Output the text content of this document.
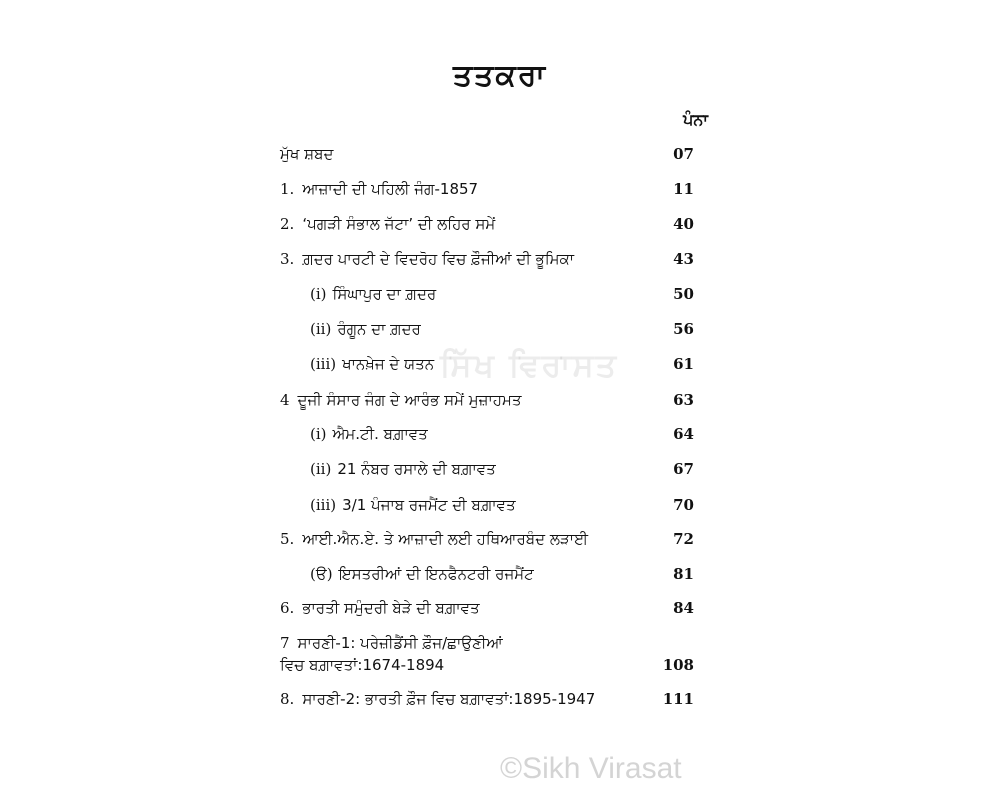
ਤਤਕਰਾ
ਪੰਨਾ
ਮੁੱਖ ਸ਼ਬਦ	07
1. ਆਜ਼ਾਦੀ ਦੀ ਪਹਿਲੀ ਜੰਗ-1857	11
2. ‘ਪਗੜੀ ਸੰਭਾਲ ਜੱਟਾ’ ਦੀ ਲਹਿਰ ਸਮੇਂ	40
3. ਗ਼ਦਰ ਪਾਰਟੀ ਦੇ ਵਿਦਰੋਹ ਵਿਚ ਫ਼ੌਜੀਆਂ ਦੀ ਭੂਮਿਕਾ	43
(i) ਸਿੰਘਾਪੁਰ ਦਾ ਗ਼ਦਰ	50
(ii) ਰੰਗੂਨ ਦਾ ਗ਼ਦਰ	56
(iii) ਖਾਨਖ਼ੇਜ ਦੇ ਯਤਨ	61
4 ਦੂਜੀ ਸੰਸਾਰ ਜੰਗ ਦੇ ਆਰੰਭ ਸਮੇਂ ਮੁਜ਼ਾਹਮਤ	63
(i) ਐਮ.ਟੀ. ਬਗ਼ਾਵਤ	64
(ii) 21 ਨੰਬਰ ਰਸਾਲੇ ਦੀ ਬਗ਼ਾਵਤ	67
(iii) 3/1 ਪੰਜਾਬ ਰਜਮੈਂਟ ਦੀ ਬਗ਼ਾਵਤ	70
5. ਆਈ.ਐਨ.ਏ. ਤੇ ਆਜ਼ਾਦੀ ਲਈ ਹਥਿਆਰਬੰਦ ਲੜਾਈ	72
(ੳ) ਇਸਤਰੀਆਂ ਦੀ ਇਨਫੈਨਟਰੀ ਰਜਮੈਂਟ	81
6. ਭਾਰਤੀ ਸਮੁੰਦਰੀ ਬੇੜੇ ਦੀ ਬਗ਼ਾਵਤ	84
7 ਸਾਰਣੀ-1: ਪਰੇਜ਼ੀਡੈਂਸੀ ਫ਼ੌਜ/ਛਾਉਣੀਆਂ
ਵਿਚ ਬਗ਼ਾਵਤਾਂ:1674-1894	108
8. ਸਾਰਣੀ-2: ਭਾਰਤੀ ਫ਼ੌਜ ਵਿਚ ਬਗ਼ਾਵਤਾਂ:1895-1947	111
ਸਿੱਖ ਵਿਰਾਸਤ
©Sikh Virasat
